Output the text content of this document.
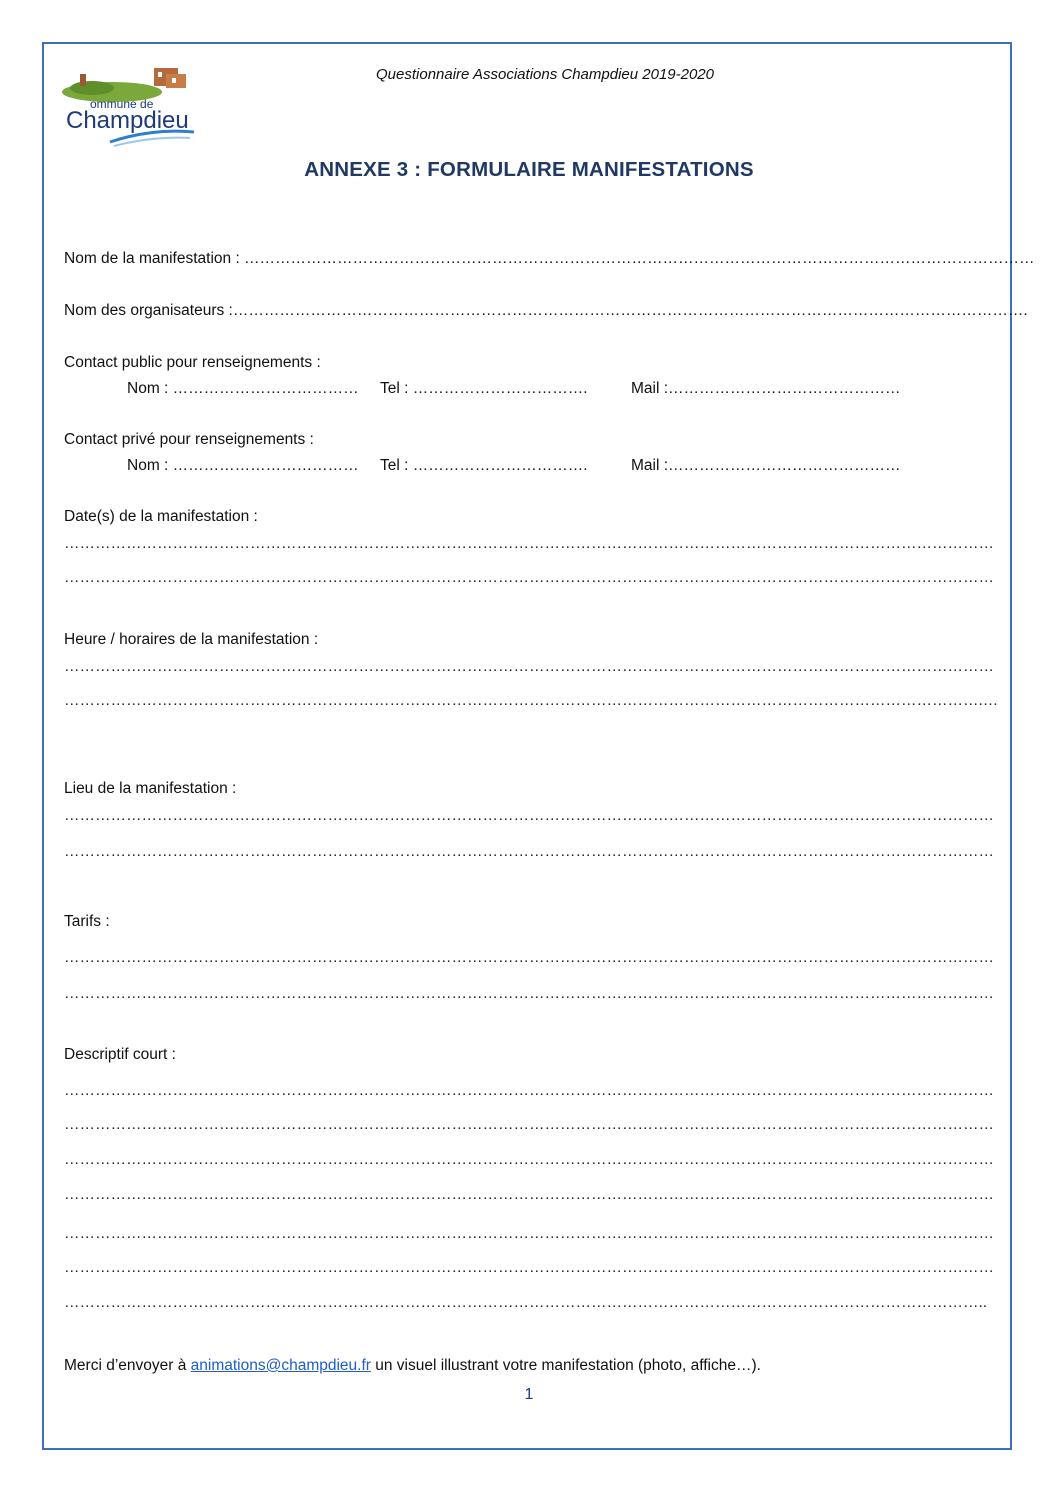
ommune de
Champdieu
Questionnaire Associations Champdieu 2019-2020
ANNEXE 3 : FORMULAIRE MANIFESTATIONS
Nom de la manifestation : ………………………………………………………………………………………………………………………………………
Nom des organisateurs :……………………………………………………………………………………………………………………………………….
Contact public pour renseignements :
Nom : ……………………………… Tel : …………………………….	Mail :………………………………………
Contact privé pour renseignements :
Nom : ……………………………… Tel : …………………………….	Mail :………………………………………
Date(s) de la manifestation :
………………………………………………………………………………………………………………………………………………………………
………………………………………………………………………………………………………………………………………………………………
Heure / horaires de la manifestation :
………………………………………………………………………………………………………………………………………………………………
…………………………………………………………………………………………………………………………………………………………….…
Lieu de la manifestation :
………………………………………………………………………………………………………………………………………………………………
………………………………………………………………………………………………………………………………………………………………
Tarifs :
………………………………………………………………………………………………………………………………………………………………
………………………………………………………………………………………………………………………………………………………………
Descriptif court :
………………………………………………………………………………………………………………………………………………………………
………………………………………………………………………………………………………………………………………………………………
………………………………………………………………………………………………………………………………………………………………
………………………………………………………………………………………………………………………………………………………………
………………………………………………………………………………………………………………………………………………………………
………………………………………………………………………………………………………………………………………………………………
……………………………………………………………………………………………………………………………………………………………..
Merci d’envoyer à animations@champdieu.fr un visuel illustrant votre manifestation (photo, affiche…).
1
